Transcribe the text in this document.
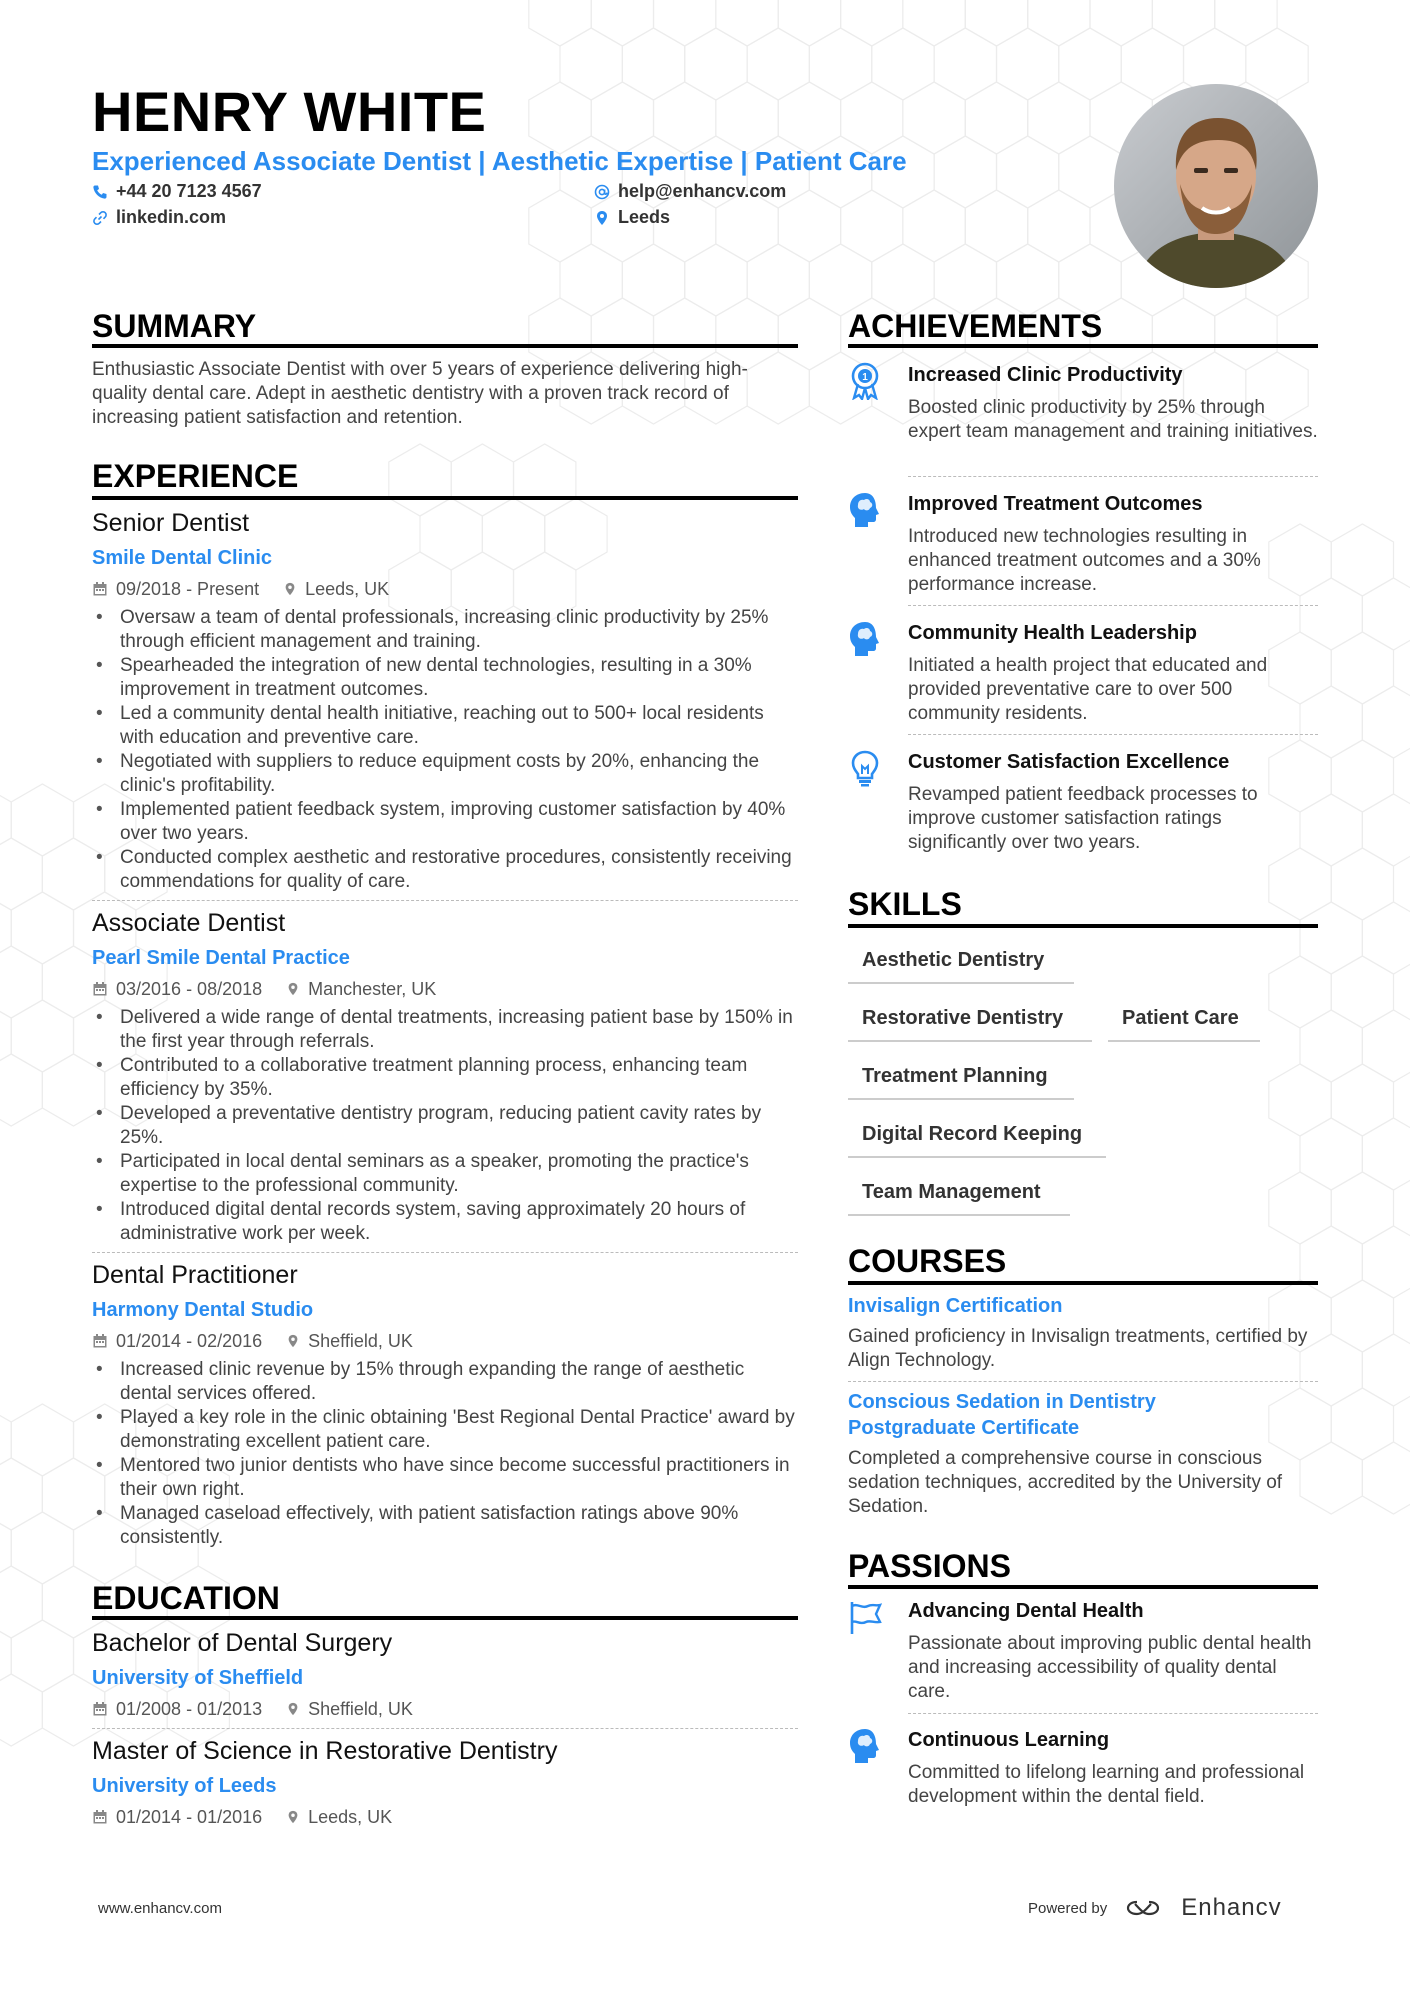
HENRY WHITE
Experienced Associate Dentist | Aesthetic Expertise | Patient Care
+44 20 7123 4567	help@enhancv.com
linkedin.com	Leeds
SUMMARY
Enthusiastic Associate Dentist with over 5 years of experience delivering high-quality dental care. Adept in aesthetic dentistry with a proven track record of increasing patient satisfaction and retention.
EXPERIENCE
Senior Dentist
Smile Dental Clinic
09/2018 - Present	Leeds, UK
• Oversaw a team of dental professionals, increasing clinic productivity by 25% through efficient management and training.
• Spearheaded the integration of new dental technologies, resulting in a 30% improvement in treatment outcomes.
• Led a community dental health initiative, reaching out to 500+ local residents with education and preventive care.
• Negotiated with suppliers to reduce equipment costs by 20%, enhancing the clinic's profitability.
• Implemented patient feedback system, improving customer satisfaction by 40% over two years.
• Conducted complex aesthetic and restorative procedures, consistently receiving commendations for quality of care.
Associate Dentist
Pearl Smile Dental Practice
03/2016 - 08/2018	Manchester, UK
• Delivered a wide range of dental treatments, increasing patient base by 150% in the first year through referrals.
• Contributed to a collaborative treatment planning process, enhancing team efficiency by 35%.
• Developed a preventative dentistry program, reducing patient cavity rates by 25%.
• Participated in local dental seminars as a speaker, promoting the practice's expertise to the professional community.
• Introduced digital dental records system, saving approximately 20 hours of administrative work per week.
Dental Practitioner
Harmony Dental Studio
01/2014 - 02/2016	Sheffield, UK
• Increased clinic revenue by 15% through expanding the range of aesthetic dental services offered.
• Played a key role in the clinic obtaining 'Best Regional Dental Practice' award by demonstrating excellent patient care.
• Mentored two junior dentists who have since become successful practitioners in their own right.
• Managed caseload effectively, with patient satisfaction ratings above 90% consistently.
EDUCATION
Bachelor of Dental Surgery
University of Sheffield
01/2008 - 01/2013	Sheffield, UK
Master of Science in Restorative Dentistry
University of Leeds
01/2014 - 01/2016	Leeds, UK
ACHIEVEMENTS
1 Increased Clinic Productivity
Boosted clinic productivity by 25% through expert team management and training initiatives.
Improved Treatment Outcomes
Introduced new technologies resulting in enhanced treatment outcomes and a 30% performance increase.
Community Health Leadership
Initiated a health project that educated and provided preventative care to over 500 community residents.
Customer Satisfaction Excellence
Revamped patient feedback processes to improve customer satisfaction ratings significantly over two years.
SKILLS
Aesthetic Dentistry
Restorative Dentistry	Patient Care
Treatment Planning
Digital Record Keeping
Team Management
COURSES
Invisalign Certification
Gained proficiency in Invisalign treatments, certified by Align Technology.
Conscious Sedation in Dentistry Postgraduate Certificate
Completed a comprehensive course in conscious sedation techniques, accredited by the University of Sedation.
PASSIONS
Advancing Dental Health
Passionate about improving public dental health and increasing accessibility of quality dental care.
Continuous Learning
Committed to lifelong learning and professional development within the dental field.
www.enhancv.com	Powered by	Enhancv
